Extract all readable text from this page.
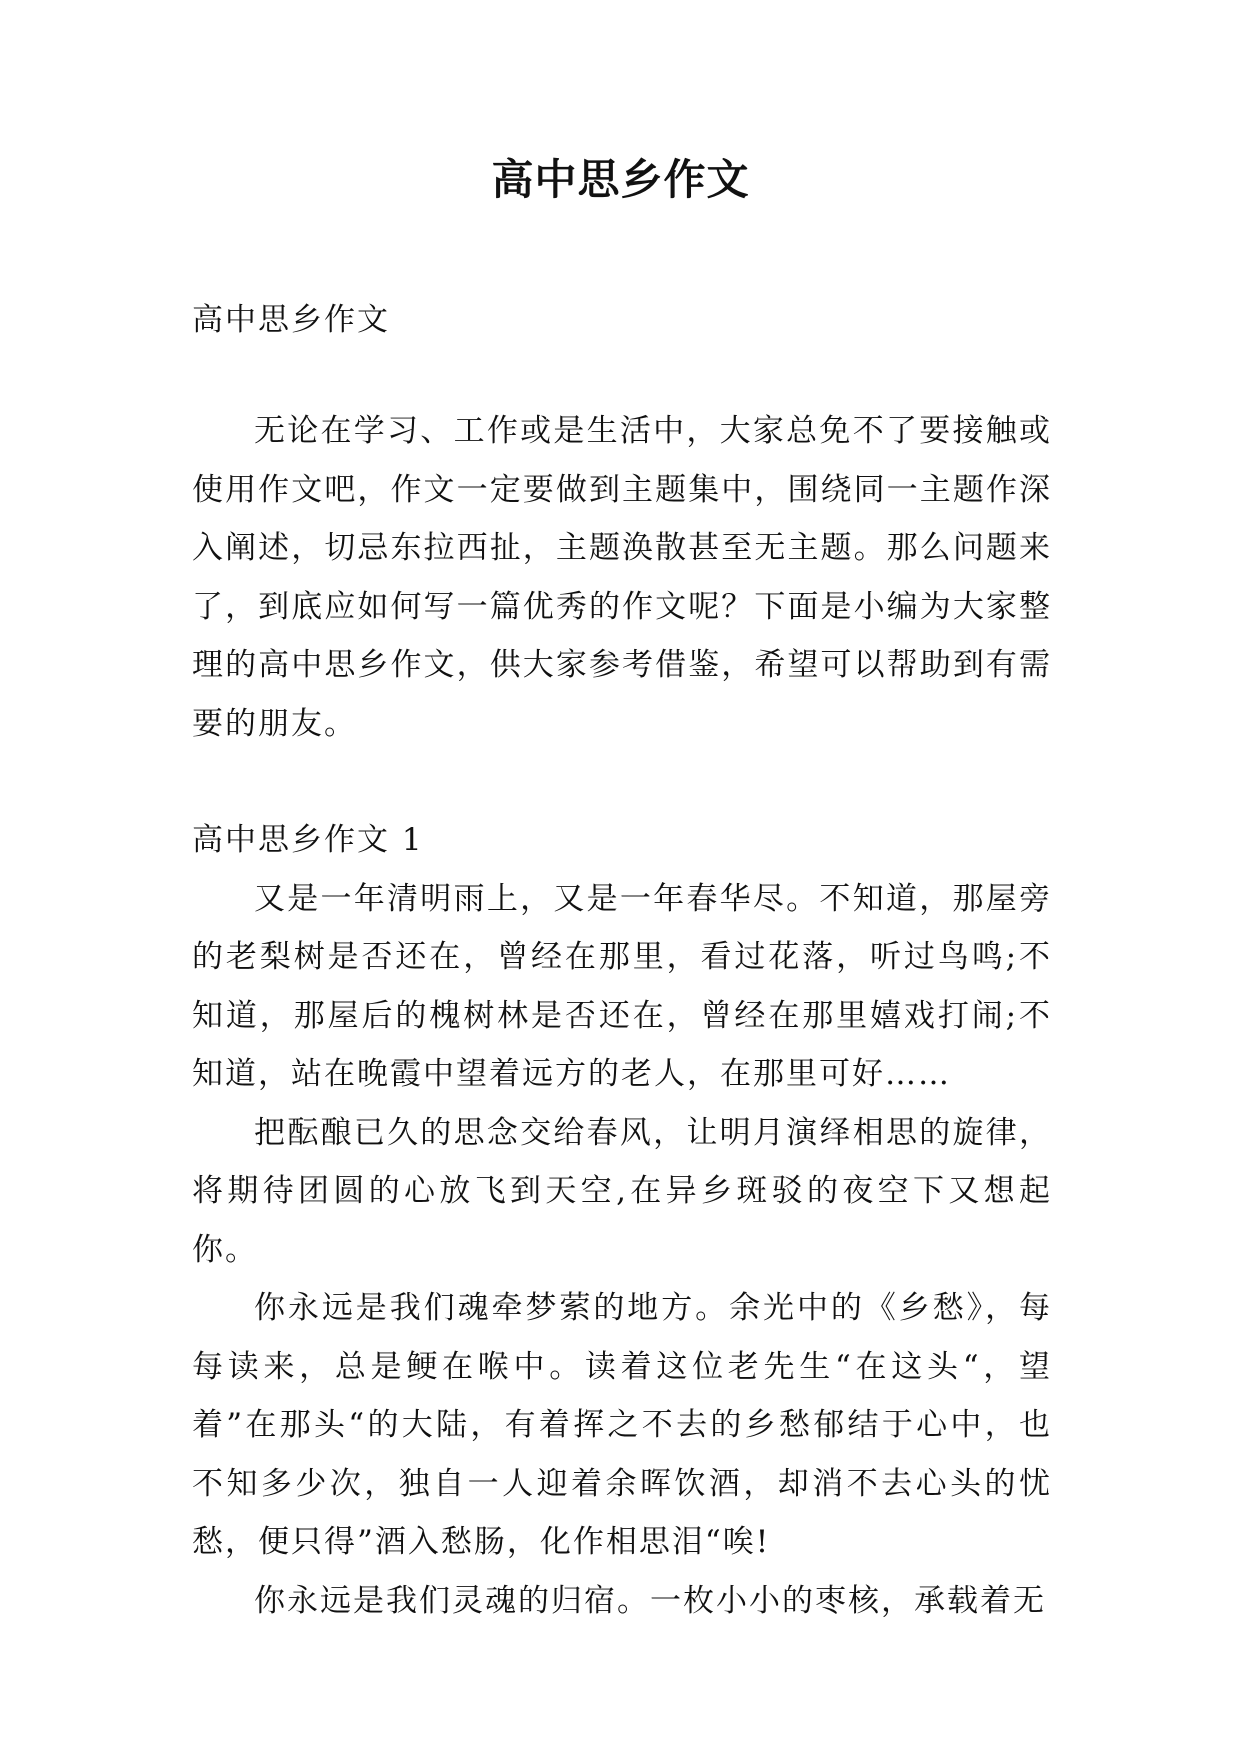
高中思乡作文

高中思乡作文

无论在学习、工作或是生活中，大家总免不了要接触或使用作文吧，作文一定要做到主题集中，围绕同一主题作深入阐述，切忌东拉西扯，主题涣散甚至无主题。那么问题来了，到底应如何写一篇优秀的作文呢？下面是小编为大家整理的高中思乡作文，供大家参考借鉴，希望可以帮助到有需要的朋友。

高中思乡作文 1

又是一年清明雨上，又是一年春华尽。不知道，那屋旁的老梨树是否还在，曾经在那里，看过花落，听过鸟鸣;不知道，那屋后的槐树林是否还在，曾经在那里嬉戏打闹;不知道，站在晚霞中望着远方的老人，在那里可好……

把酝酿已久的思念交给春风，让明月演绎相思的旋律，将期待团圆的心放飞到天空,在异乡斑驳的夜空下又想起你。

你永远是我们魂牵梦萦的地方。余光中的《乡愁》，每每读来，总是鲠在喉中。读着这位老先生“在这头“，望着”在那头“的大陆，有着挥之不去的乡愁郁结于心中，也不知多少次，独自一人迎着余晖饮酒，却消不去心头的忧愁，便只得”酒入愁肠，化作相思泪“唉!

你永远是我们灵魂的归宿。一枚小小的枣核，承载着无
